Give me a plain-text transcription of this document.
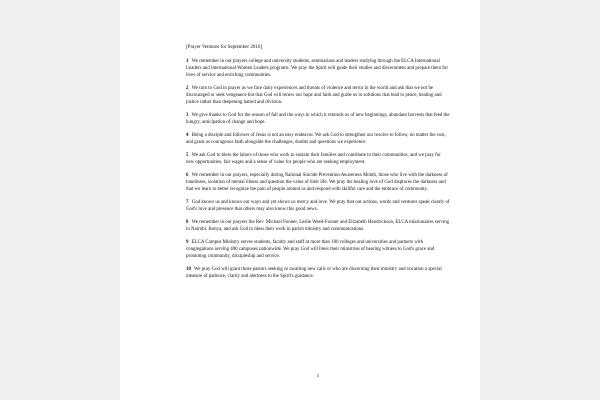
[Prayer Ventures for September 2016]

1 We remember in our prayers college and university students, seminarians and leaders studying through the ELCA International Leaders and International Women Leaders programs. We pray the Spirit will guide their studies and discernment and prepare them for lives of service and enriching communities.

2 We turn to God in prayer as we face daily experiences and threats of violence and terror in the world and ask that we not be discouraged or seek vengeance but that God will renew our hope and faith and guide us to solutions that lead to peace, healing and justice rather than deepening hatred and division.

3 We give thanks to God for the season of fall and the ways in which it reminds us of new beginnings, abundant harvests that feed the hungry, anticipation of change and hope.

4 Being a disciple and follower of Jesus is not an easy endeavor. We ask God to strengthen our resolve to follow, no matter the cost, and grant us courageous faith alongside the challenges, doubts and questions we experience.

5 We ask God to bless the labors of those who work to sustain their families and contribute to their communities, and we pray for new opportunities, fair wages and a sense of value for people who are seeking employment.

6 We remember in our prayers, especially during National Suicide Prevention Awareness Month, those who live with the darkness of loneliness, isolation of mental illness and question the value of their life. We pray the healing love of God displaces the darkness and that we learn to better recognize the pain of people around us and respond with skillful care and the embrace of community.

7 God knows us and knows our ways and yet shows us mercy and love. We pray that our actions, words and ventures speak clearly of God's love and presence that others may also know this good news.

8 We remember in our prayers the Rev. Michael Fonner, Leslie Weed-Fonner and Elizabeth Hendrickson, ELCA missionaries serving in Nairobi, Kenya, and ask God to bless their work in parish ministry and communications.

9 ELCA Campus Ministry serves students, faculty and staff at more than 180 colleges and universities and partners with congregations serving 400 campuses nationwide. We pray God will bless their ministries of hearing witness to God's grace and promoting community, discipleship and service.

10 We pray God will grant those pastors seeking or awaiting new calls or who are discerning their ministry and vocation a special measure of patience, clarity and alertness to the Spirit's guidance.

1
